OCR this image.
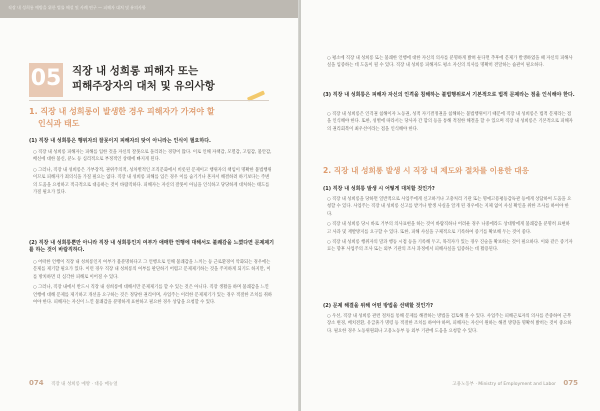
직장 내 성희롱 예방을 위한 법률 해설 및 사례 연구 — 피해자 대처 및 유의사항
05 직장 내 성희롱 피해자 또는
피해주장자의 대처 및 유의사항
1. 직장 내 성희롱이 발생한 경우 피해자가 가져야 할
인식과 태도
(1) 직장 내 성희롱은 행위자의 잘못이지 피해자의 탓이 아니라는 인식이 필요하다.

○ 직장 내 성희롱 피해자는 피해를 입한 것을 자신의 잘못으로 돌리려는 경향이 많다. 이로 인해 자책감, 모멸감, 고립감, 불안감, 배신에 대한 불신, 분노 등 심리적으로 부정적인 상태에 빠지게 된다.

○ 그러나, 직장 내 성희롱은 가부장적, 권위주의적, 성차별적인 조직문화에서 비롯된 문제이고 행위자의 책임이 명확한 불법행위이므로 피해자가 죄의식을 가질 필요는 없다. 직장 내 성희롱 피해를 입은 경우 이를 숨기거나 혼자서 해결하려 하기보다는 주변의 도움을 요청하고 적극적으로 대응하는 것이 바람직하다. 피해자는 자신의 잘못이 아님을 인식하고 당당하게 대처하는 태도를 가질 필요가 있다.

(2) 직장 내 성희롱뿐만 아니라 직장 내 성희롱인지 여부가 애매한 언행에 대해서도 불쾌감을 느꼈다면 문제제기를 하는 것이 바람직하다.

○ 어떠한 언행이 직장 내 성희롱인지 여부가 불분명하다고 그 언행으로 인해 불쾌감을 느끼는 등 근로환경이 악화되는 경우에는 문제를 제기할 필요가 있다. 이런 경우 직장 내 성희롱의 여부를 판단하기 어렵고 문제제기하는 것을 주저하게 되기도 하지만, 이를 방치하면 더 심각한 피해로 이어질 수 있다.

○ 그러나, 직장 내에서 반드시 직장 내 성희롱에 대해서만 문제제기를 할 수 있는 것은 아니다. 직장 생활을 하며 불쾌감을 느낀 언행에 대해 문제를 제기하고 개선을 요구하는 것은 정당한 권리이며, 사업주는 이러한 문제제기가 있는 경우 적절한 조치를 취하여야 한다. 피해자는 자신이 느낀 불쾌감을 분명하게 표현하고 필요한 경우 상담을 요청할 수 있다.

074 직장 내 성희롱 예방 · 대응 매뉴얼

○ 평소에 직장 내 성희롱 또는 불쾌한 언행에 대한 자신의 의사를 분명하게 밝혀 둔다면 추후에 문제가 발생하였을 때 자신의 피해사실을 입증하는 데 도움이 될 수 있다. 직장 내 성희롱 피해자도 평소 자신의 의사를 명확히 전달하는 습관이 필요하다.

(3) 직장 내 성희롱은 피해자 자신의 인격을 침해하는 불법행위로서 기본적으로 법적 문제라는 점을 인식해야 한다.

○ 직장 내 성희롱은 인격권 침해이자 노동권, 성적 자기결정권을 침해하는 불법행위이기 때문에 직장 내 성희롱은 법적 문제라는 점을 인식해야 한다. 또한, 성별에 따라서는 당사자 간 합의 등을 통해 적절한 해결을 할 수 있으며 직장 내 성희롱은 기본적으로 피해자의 권리회복이 최우선이라는 점을 인식해야 한다.

2. 직장 내 성희롱 발생 시 직장 내 제도와 절차를 이용한 대응
(1) 직장 내 성희롱 발생 시 어떻게 대처할 것인가?

○ 직장 내 성희롱을 당하면 일반적으로 사업주에게 신고하거나 고충처리 기관 또는 명예고용평등감독관 등에게 상담하여 도움을 요청할 수 있다. 사업주는 직장 내 성희롱 신고를 받거나 발생 사실을 알게 된 경우에는 지체 없이 사실 확인을 위한 조사를 하여야 한다.

○ 직장 내 성희롱 당시 바로 거부의 의사표현을 하는 것이 바람직하나 어려운 경우 나중에라도 상대방에게 불쾌감을 분명히 표현하고 사과 및 재발방지를 요구할 수 있다. 또한, 피해 사실을 구체적으로 기록하여 증거를 확보해 두는 것이 좋다.

○ 직장 내 성희롱 행위자의 말과 행동 시점 등을 기록해 두고, 목격자가 있는 경우 진술을 확보하는 것이 필요하다. 이와 같은 증거자료는 향후 사업주의 조사 또는 외부 기관의 조사 과정에서 피해사실을 입증하는 데 활용된다.

(2) 문제 해결을 위해 어떤 방법을 선택할 것인가?

○ 우선, 직장 내 성희롱 관련 절차를 통해 문제를 해결하는 방법을 검토해 볼 수 있다. 사업주는 피해근로자의 의사를 존중하여 근무장소 변경, 배치전환, 유급휴가 명령 등 적절한 조치를 하여야 하며, 피해자는 자신이 원하는 해결 방향을 명확히 밝히는 것이 중요하다. 필요한 경우 노동위원회나 고용노동부 등 외부 기관에 도움을 요청할 수 있다.

고용노동부 · Ministry of Employment and Labor 075
